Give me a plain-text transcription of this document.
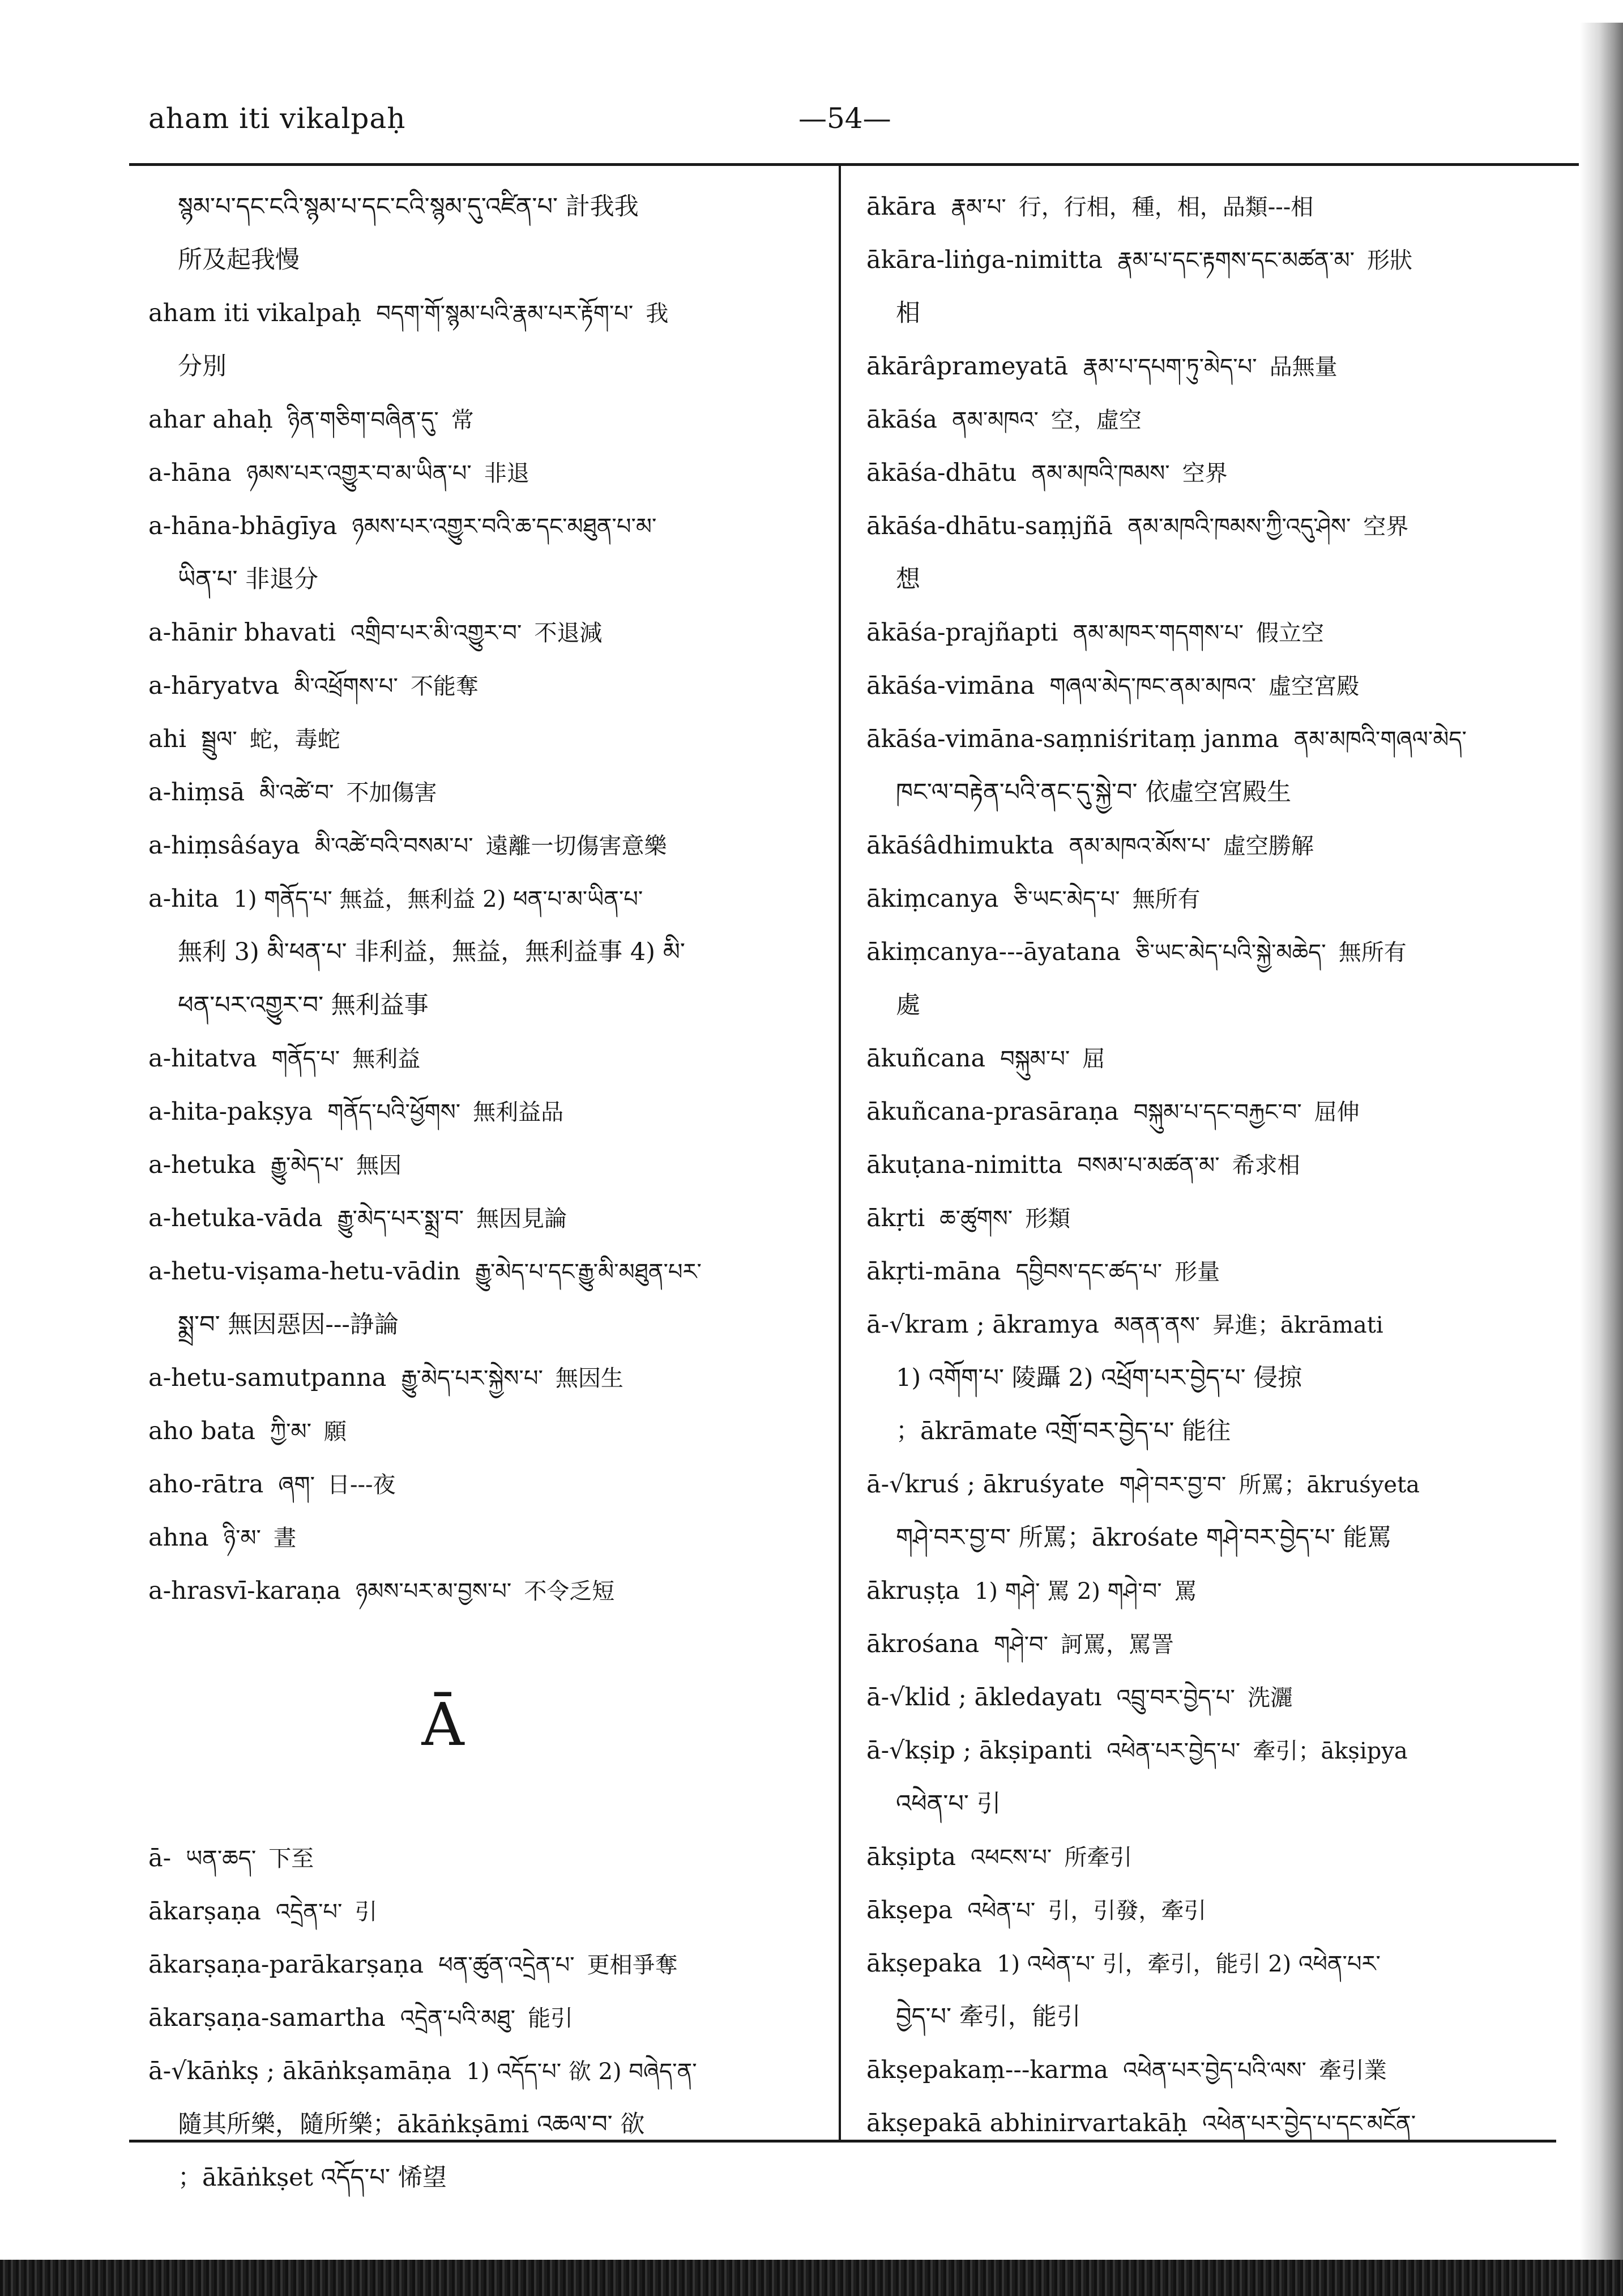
aham iti vikalpaḥ	—54—
སྙམ་པ་དང་ངའི་སྙམ་པ་དང་ངའི་སྙམ་དུ་འཛིན་པ་ 計我我
所及起我慢
aham iti vikalpaḥ བདག་གོ་སྙམ་པའི་རྣམ་པར་རྟོག་པ་ 我
分別
ahar ahaḥ ཉིན་གཅིག་བཞིན་དུ་ 常
a-hāna ཉམས་པར་འགྱུར་བ་མ་ཡིན་པ་ 非退
a-hāna-bhāgīya ཉམས་པར་འགྱུར་བའི་ཆ་དང་མཐུན་པ་མ་
ཡིན་པ་ 非退分
a-hānir bhavati འགྲིབ་པར་མི་འགྱུར་བ་ 不退減
a-hāryatva མི་འཕྲོགས་པ་ 不能奪
ahi སྦྲུལ་ 蛇，毒蛇
a-hiṃsā མི་འཚེ་བ་ 不加傷害
a-hiṃsâśaya མི་འཚེ་བའི་བསམ་པ་ 遠離一切傷害意樂
a-hita 1) གནོད་པ་ 無益，無利益 2) ཕན་པ་མ་ཡིན་པ་
無利 3) མི་ཕན་པ་ 非利益，無益，無利益事 4) མི་
ཕན་པར་འགྱུར་བ་ 無利益事
a-hitatva གནོད་པ་ 無利益
a-hita-pakṣya གནོད་པའི་ཕྱོགས་ 無利益品
a-hetuka རྒྱུ་མེད་པ་ 無因
a-hetuka-vāda རྒྱུ་མེད་པར་སྨྲ་བ་ 無因見論
a-hetu-viṣama-hetu-vādin རྒྱུ་མེད་པ་དང་རྒྱུ་མི་མཐུན་པར་
སྨྲ་བ་ 無因惡因---諍論
a-hetu-samutpanna རྒྱུ་མེད་པར་སྐྱེས་པ་ 無因生
aho bata ཀྱི་མ་ 願
aho-rātra ཞག་ 日---夜
ahna ཉི་མ་ 晝
a-hrasvī-karaṇa ཉམས་པར་མ་བྱས་པ་ 不令乏短
Ā
ā- ཡན་ཆད་ 下至
ākarṣaṇa འདྲེན་པ་ 引
ākarṣaṇa-parākarṣaṇa ཕན་ཚུན་འདྲེན་པ་ 更相爭奪
ākarṣaṇa-samartha འདྲེན་པའི་མཐུ་ 能引
ā-√kāṅkṣ ; ākāṅkṣamāṇa 1) འདོད་པ་ 欲 2) བཞེད་ན་
隨其所樂，隨所樂；ākāṅkṣāmi འཆལ་བ་ 欲
；ākāṅkṣet འདོད་པ་ 悕望
ākāra རྣམ་པ་ 行，行相，種，相，品類---相
ākāra-liṅga-nimitta རྣམ་པ་དང་རྟགས་དང་མཚན་མ་ 形狀
相
ākārâprameyatā རྣམ་པ་དཔག་ཏུ་མེད་པ་ 品無量
ākāśa ནམ་མཁའ་ 空，虛空
ākāśa-dhātu ནམ་མཁའི་ཁམས་ 空界
ākāśa-dhātu-saṃjñā ནམ་མཁའི་ཁམས་ཀྱི་འདུ་ཤེས་ 空界
想
ākāśa-prajñapti ནམ་མཁར་གདགས་པ་ 假立空
ākāśa-vimāna གཞལ་མེད་ཁང་ནམ་མཁའ་ 虛空宮殿
ākāśa-vimāna-saṃniśritaṃ janma ནམ་མཁའི་གཞལ་མེད་
ཁང་ལ་བརྟེན་པའི་ནང་དུ་སྐྱེ་བ་ 依虛空宮殿生
ākāśâdhimukta ནམ་མཁའ་མོས་པ་ 虛空勝解
ākiṃcanya ཅི་ཡང་མེད་པ་ 無所有
ākiṃcanya---āyatana ཅི་ཡང་མེད་པའི་སྐྱེ་མཆེད་ 無所有
處
ākuñcana བསྐུམ་པ་ 屈
ākuñcana-prasāraṇa བསྐུམ་པ་དང་བརྐྱང་བ་ 屈伸
ākuṭana-nimitta བསམ་པ་མཚན་མ་ 希求相
ākṛti ཆ་ཚུགས་ 形類
ākṛti-māna དབྱིབས་དང་ཚད་པ་ 形量
ā-√kram ; ākramya མནན་ནས་ 昇進；ākrāmati
1) འགོག་པ་ 陵躡 2) འཕྲོག་པར་བྱེད་པ་ 侵掠
；ākrāmate འགྲོ་བར་བྱེད་པ་ 能往
ā-√kruś ; ākruśyate གཤེ་བར་བྱ་བ་ 所罵；ākruśyeta
གཤེ་བར་བྱ་བ་ 所罵；ākrośate གཤེ་བར་བྱེད་པ་ 能罵
ākruṣṭa 1) གཤེ་ 罵 2) གཤེ་བ་ 罵
ākrośana གཤེ་བ་ 訶罵，罵詈
ā-√klid ; ākledayatı འབྲུ་བར་བྱེད་པ་ 洗灑
ā-√kṣip ; ākṣipanti འཕེན་པར་བྱེད་པ་ 牽引；ākṣipya
འཕེན་པ་ 引
ākṣipta འཕངས་པ་ 所牽引
ākṣepa འཕེན་པ་ 引，引發，牽引
ākṣepaka 1) འཕེན་པ་ 引，牽引，能引 2) འཕེན་པར་
བྱེད་པ་ 牽引，能引
ākṣepakaṃ---karma འཕེན་པར་བྱེད་པའི་ལས་ 牽引業
ākṣepakā abhinirvartakāḥ འཕེན་པར་བྱེད་པ་དང་མངོན་
